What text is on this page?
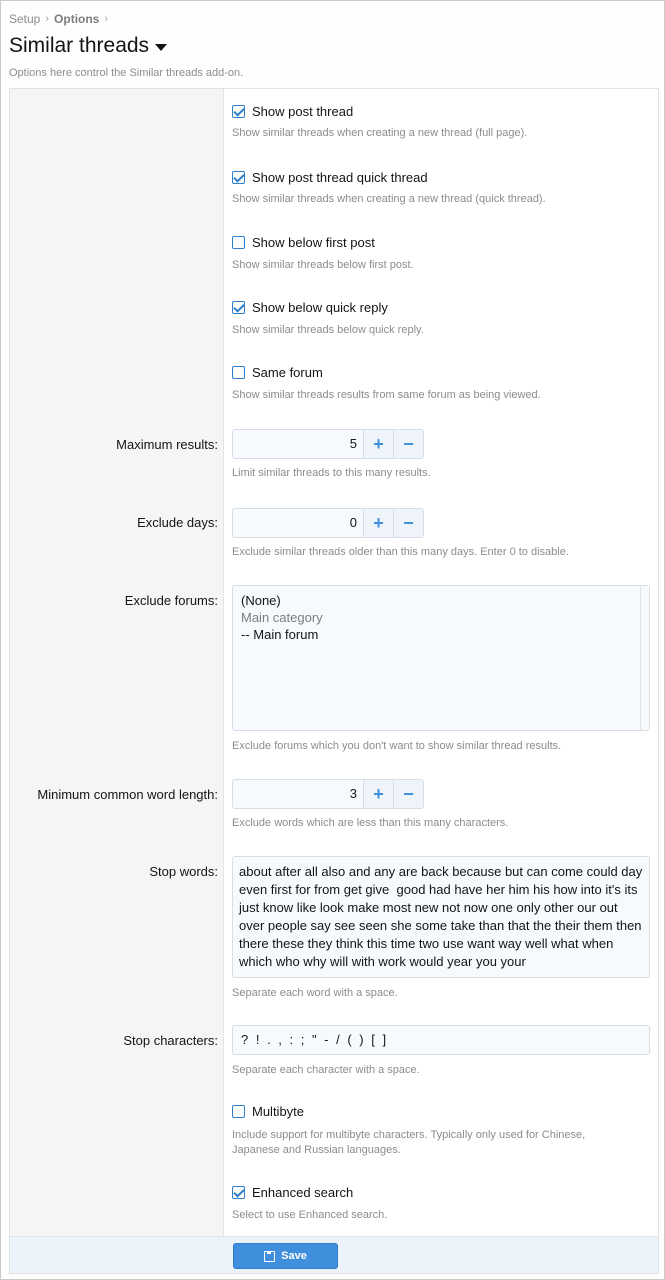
Setup › Options ›
Similar threads
Options here control the Similar threads add-on.
Save
Show post thread
Show similar threads when creating a new thread (full page).
Show post thread quick thread
Show similar threads when creating a new thread (quick thread).
Show below first post
Show similar threads below first post.
Show below quick reply
Show similar threads below quick reply.
Same forum
Show similar threads results from same forum as being viewed.
Maximum results:	5 +	−
Limit similar threads to this many results.
Exclude days:	0 +	−
Exclude similar threads older than this many days. Enter 0 to disable.
Exclude forums: (None)
Main category
-- Main forum
Exclude forums which you don't want to show similar thread results.
Minimum common word length:	3 +	−
Exclude words which are less than this many characters.
Stop words:	about after all also and any are back because but can come could day even first for from get give  good had have her him his how into it's its just know like look make most new not now one only other our out over people say see seen she some take than that the their them then there these they think this time two use want way well what when which who why will with work would year you your
Separate each word with a space.
Stop characters:	? ! . , : ; " - / ( ) [ ]
Separate each character with a space.
Multibyte
Include support for multibyte characters. Typically only used for Chinese, Japanese and Russian languages.
Enhanced search
Select to use Enhanced search.
